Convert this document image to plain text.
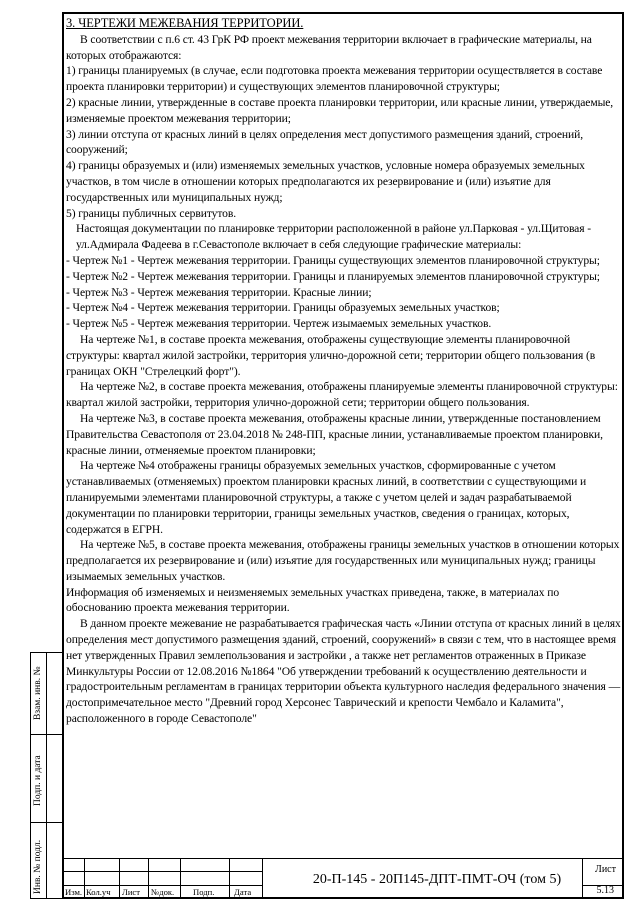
3. ЧЕРТЕЖИ МЕЖЕВАНИЯ ТЕРРИТОРИИ.

В соответствии с п.6 ст. 43 ГрК РФ проект межевания территории включает в графические материалы, на которых отображаются:

1) границы планируемых (в случае, если подготовка проекта межевания территории осуществляется в составе проекта планировки территории) и существующих элементов планировочной структуры;

2) красные линии, утвержденные в составе проекта планировки территории, или красные линии, утверждаемые, изменяемые проектом межевания территории;

3) линии отступа от красных линий в целях определения мест допустимого размещения зданий, строений, сооружений;

4) границы образуемых и (или) изменяемых земельных участков, условные номера образуемых земельных участков, в том числе в отношении которых предполагаются их резервирование и (или) изъятие для государственных или муниципальных нужд;

5) границы публичных сервитутов.

Настоящая документации по планировке территории расположенной в районе ул.Парковая - ул.Щитовая - ул.Адмирала Фадеева в г.Севастополе включает в себя следующие графические материалы:

- Чертеж №1 - Чертеж межевания территории. Границы существующих элементов планировочной структуры;

- Чертеж №2 - Чертеж межевания территории. Границы и планируемых элементов планировочной структуры;

- Чертеж №3 - Чертеж межевания территории. Красные линии;

- Чертеж №4 - Чертеж межевания территории. Границы образуемых земельных участков;

- Чертеж №5 - Чертеж межевания территории. Чертеж изымаемых земельных участков.

На чертеже №1, в составе проекта межевания, отображены существующие элементы планировочной структуры: квартал жилой застройки, территория улично-дорожной сети; территории общего пользования (в границах ОКН "Стрелецкий форт").

На чертеже №2, в составе проекта межевания, отображены планируемые элементы планировочной структуры: квартал жилой застройки, территория улично-дорожной сети; территории общего пользования.

На чертеже №3, в составе проекта межевания, отображены красные линии, утвержденные постановлением Правительства Севастополя от 23.04.2018 № 248-ПП, красные линии, устанавливаемые проектом планировки, красные линии, отменяемые проектом планировки;

На чертеже №4 отображены границы образуемых земельных участков, сформированные с учетом устанавливаемых (отменяемых) проектом планировки красных линий, в соответствии с существующими и планируемыми элементами планировочной структуры, а также с учетом целей и задач разрабатываемой документации по планировки территории, границы земельных участков, сведения о границах, которых, содержатся в ЕГРН.

На чертеже №5, в составе проекта межевания, отображены границы земельных участков в отношении которых предполагается их резервирование и (или) изъятие для государственных или муниципальных нужд; границы изымаемых земельных участков.

Информация об изменяемых и неизменяемых земельных участках приведена, также, в материалах по обоснованию проекта межевания территории.

В данном проекте межевание не разрабатывается графическая часть «Линии отступа от красных линий в целях определения мест допустимого размещения зданий, строений, сооружений» в связи с тем, что в настоящее время нет утвержденных Правил землепользования и застройки , а также нет регламентов отраженных в Приказе Минкультуры России от 12.08.2016 №1864 "Об утверждении требований к осуществлению деятельности и градостроительным регламентам в границах территории объекта культурного наследия федерального значения — достопримечательное место "Древний город Херсонес Таврический и крепости Чембало и Каламита", расположенного в городе Севастополе"

Взам. инв. №
Подп. и дата
Инв. № подл.	Изм. Кол.уч Лист №док. Подп. Дата
20-П-145 - 20П145-ДПТ-ПМТ-ОЧ (том 5)
Лист
5.13
